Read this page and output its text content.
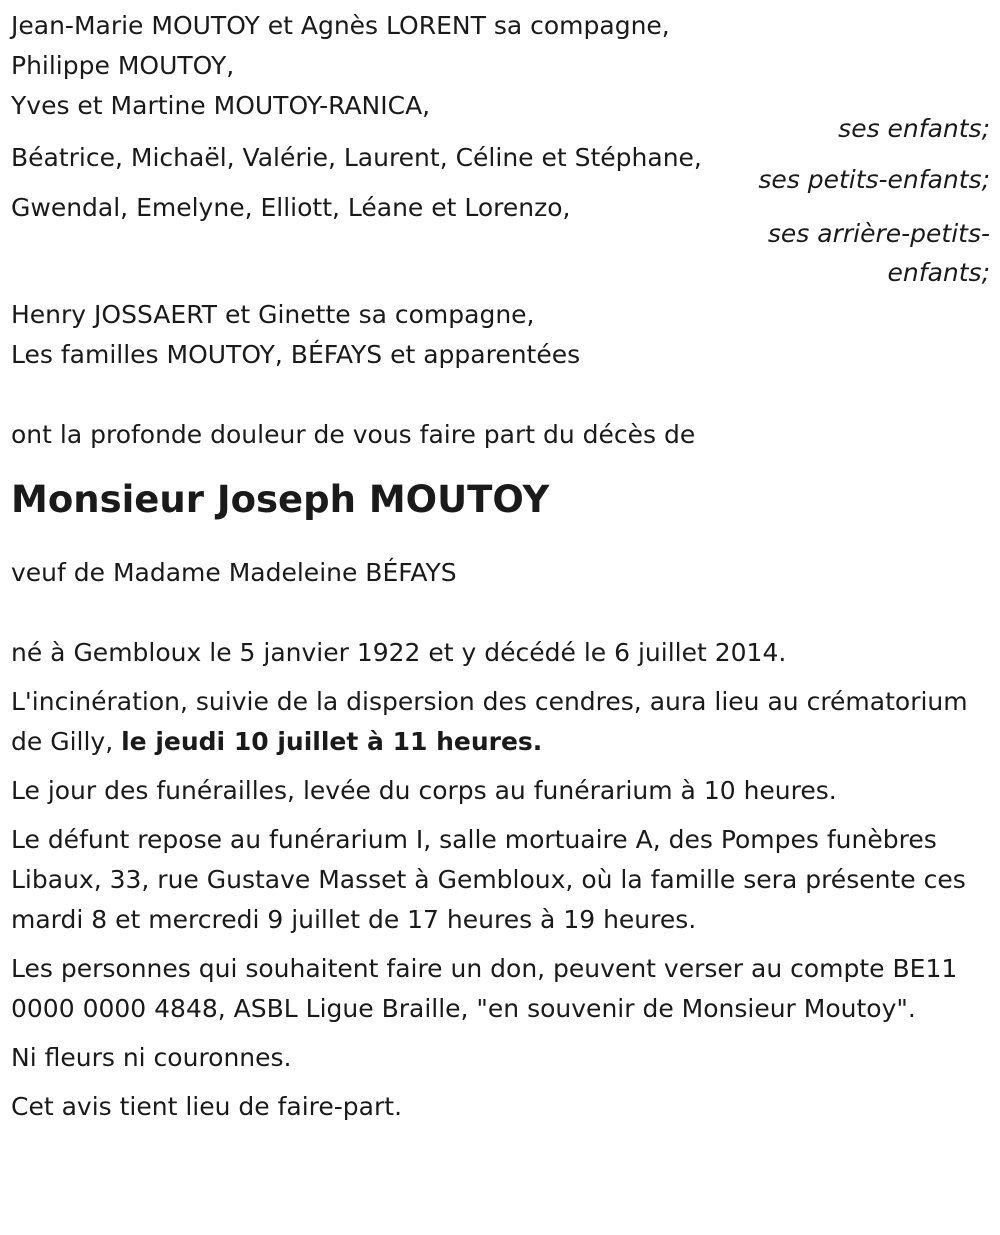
Jean-Marie MOUTOY et Agnès LORENT sa compagne,
Philippe MOUTOY,
Yves et Martine MOUTOY-RANICA,
ses enfants;
Béatrice, Michaël, Valérie, Laurent, Céline et Stéphane,
ses petits-enfants;
Gwendal, Emelyne, Elliott, Léane et Lorenzo,
ses arrière-petits-
enfants;
Henry JOSSAERT et Ginette sa compagne,
Les familles MOUTOY, BÉFAYS et apparentées
ont la profonde douleur de vous faire part du décès de
Monsieur Joseph MOUTOY
veuf de Madame Madeleine BÉFAYS

né à Gembloux le 5 janvier 1922 et y décédé le 6 juillet 2014.

L'incinération, suivie de la dispersion des cendres, aura lieu au crématorium de Gilly, le jeudi 10 juillet à 11 heures.

Le jour des funérailles, levée du corps au funérarium à 10 heures.

Le défunt repose au funérarium I, salle mortuaire A, des Pompes funèbres Libaux, 33, rue Gustave Masset à Gembloux, où la famille sera présente ces mardi 8 et mercredi 9 juillet de 17 heures à 19 heures.

Les personnes qui souhaitent faire un don, peuvent verser au compte BE11 0000 0000 4848, ASBL Ligue Braille, "en souvenir de Monsieur Moutoy".

Ni fleurs ni couronnes.

Cet avis tient lieu de faire-part.
